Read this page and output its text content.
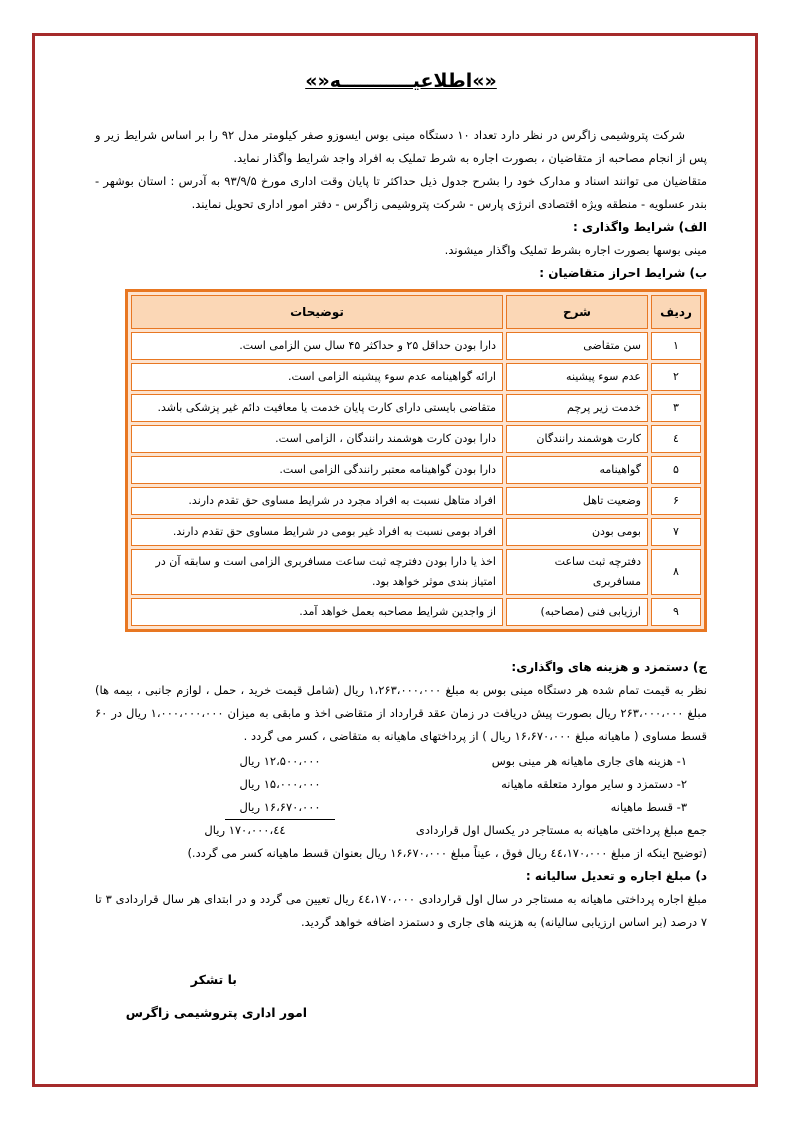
«»اطلاعیـــــــــــه«»

شرکت پتروشیمی زاگرس در نظر دارد تعداد ۱۰ دستگاه مینی بوس ایسوزو صفر کیلومتر مدل ۹۲ را بر اساس شرایط زیر و پس از انجام مصاحبه از متقاضیان ، بصورت اجاره به شرط تملیک به افراد واجد شرایط واگذار نماید.

متقاضیان می توانند اسناد و مدارک خود را بشرح جدول ذیل حداکثر تا پایان وقت اداری مورخ ۹۳/۹/۵ به آدرس : استان بوشهر - بندر عسلویه - منطقه ویژه اقتصادی انرژی پارس - شرکت پتروشیمی زاگرس - دفتر امور اداری تحویل نمایند.

الف) شرایط واگذاری :

مینی بوسها بصورت اجاره بشرط تملیک واگذار میشوند.

ب) شرایط احراز متقاضیان :

ردیف	شرح	توضیحات
۱	سن متقاضی	دارا بودن حداقل ۲۵ و حداکثر ۴۵ سال سن الزامی است.
۲	عدم سوء پیشینه	ارائه گواهینامه عدم سوء پیشینه الزامی است.
۳	خدمت زیر پرچم	متقاضی بایستی دارای کارت پایان خدمت یا معافیت دائم غیر پزشکی باشد.
٤	کارت هوشمند رانندگان	دارا بودن کارت هوشمند رانندگان ، الزامی است.
۵	گواهینامه	دارا بودن گواهینامه معتبر رانندگی الزامی است.
۶	وضعیت تاهل	افراد متاهل نسبت به افراد مجرد در شرایط مساوی حق تقدم دارند.
۷	بومی بودن	افراد بومی نسبت به افراد غیر بومی در شرایط مساوی حق تقدم دارند.
۸	دفترچه ثبت ساعت مسافربری	اخذ یا دارا بودن دفترچه ثبت ساعت مسافربری الزامی است و سابقه آن در امتیاز بندی موثر خواهد بود.
۹	ارزیابی فنی (مصاحبه)	از واجدین شرایط مصاحبه بعمل خواهد آمد.

ج) دستمزد و هزینه های واگذاری:

نظر به قیمت تمام شده هر دستگاه مینی بوس به مبلغ ۱،۲۶۳،۰۰۰،۰۰۰ ریال (شامل قیمت خرید ، حمل ، لوازم جانبی ، بیمه ها) مبلغ ۲۶۳،۰۰۰،۰۰۰ ریال بصورت پیش دریافت در زمان عقد قرارداد از متقاضی اخذ و مابقی به میزان ۱،۰۰۰،۰۰۰،۰۰۰ ریال در ۶۰ قسط مساوی ( ماهیانه مبلغ ۱۶،۶۷۰،۰۰۰ ریال ) از پرداختهای ماهیانه به متقاضی ، کسر می گردد .

۱- هزینه های جاری ماهیانه هر مینی بوس
۱۲،۵۰۰،۰۰۰ ریال
۲- دستمزد و سایر موارد متعلقه ماهیانه
۱۵،۰۰۰،۰۰۰ ریال
۳- قسط ماهیانه
۱۶،۶۷۰،۰۰۰ ریال
جمع مبلغ پرداختی ماهیانه به مستاجر در یکسال اول قراردادی
٤٤،۱۷۰،۰۰۰ ریال

(توضیح اینکه از مبلغ ٤٤،۱۷۰،۰۰۰ ریال فوق ، عیناً مبلغ ۱۶،۶۷۰،۰۰۰ ریال بعنوان قسط ماهیانه کسر می گردد.)

د) مبلغ اجاره و تعدیل سالیانه :

مبلغ اجاره پرداختی ماهیانه به مستاجر در سال اول قراردادی ٤٤،۱۷۰،۰۰۰ ریال تعیین می گردد و در ابتدای هر سال قراردادی ۳ تا ۷ درصد (بر اساس ارزیابی سالیانه) به هزینه های جاری و دستمزد اضافه خواهد گردید.

با تشکر

امور اداری پتروشیمی زاگرس
